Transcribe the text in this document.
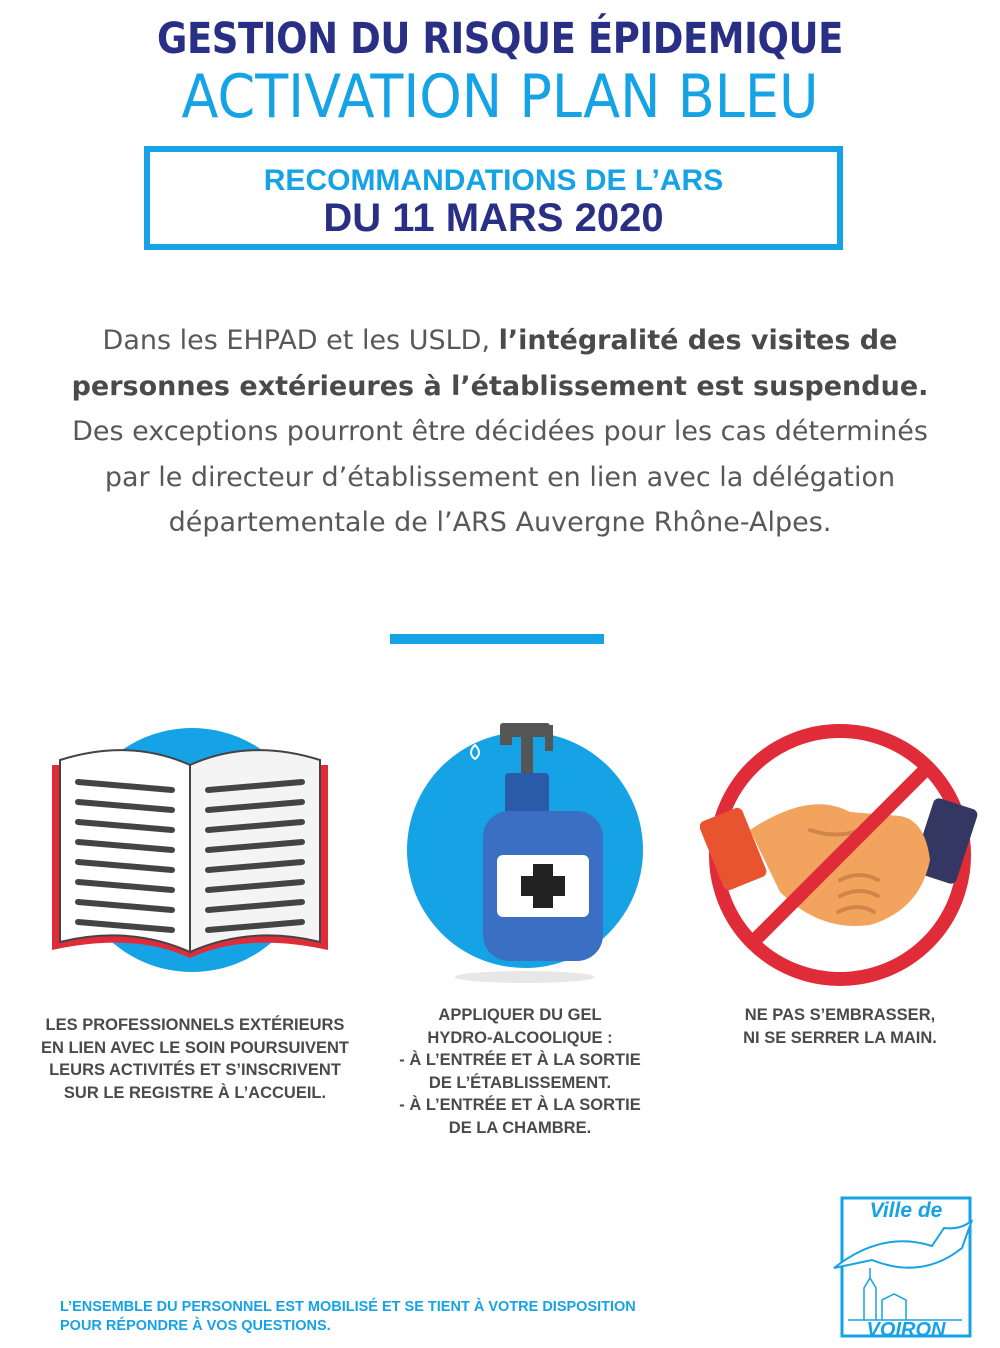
GESTION DU RISQUE ÉPIDEMIQUE
ACTIVATION PLAN BLEU
RECOMMANDATIONS DE L’ARS
DU 11 MARS 2020
Dans les EHPAD et les USLD, l’intégralité des visites de personnes extérieures à l’établissement est suspendue. Des exceptions pourront être décidées pour les cas déterminés par le directeur d’établissement en lien avec la délégation départementale de l’ARS Auvergne Rhône-Alpes.
LES PROFESSIONNELS EXTÉRIEURS
EN LIEN AVEC LE SOIN POURSUIVENT
LEURS ACTIVITÉS ET S’INSCRIVENT
SUR LE REGISTRE À L’ACCUEIL.
APPLIQUER DU GEL
HYDRO-ALCOOLIQUE :
- À L’ENTRÉE ET À LA SORTIE
DE L’ÉTABLISSEMENT.
- À L’ENTRÉE ET À LA SORTIE
DE LA CHAMBRE.
NE PAS S’EMBRASSER,
NI SE SERRER LA MAIN.
Ville de
VOIRON
L’ENSEMBLE DU PERSONNEL EST MOBILISÉ ET SE TIENT À VOTRE DISPOSITION
POUR RÉPONDRE À VOS QUESTIONS.
